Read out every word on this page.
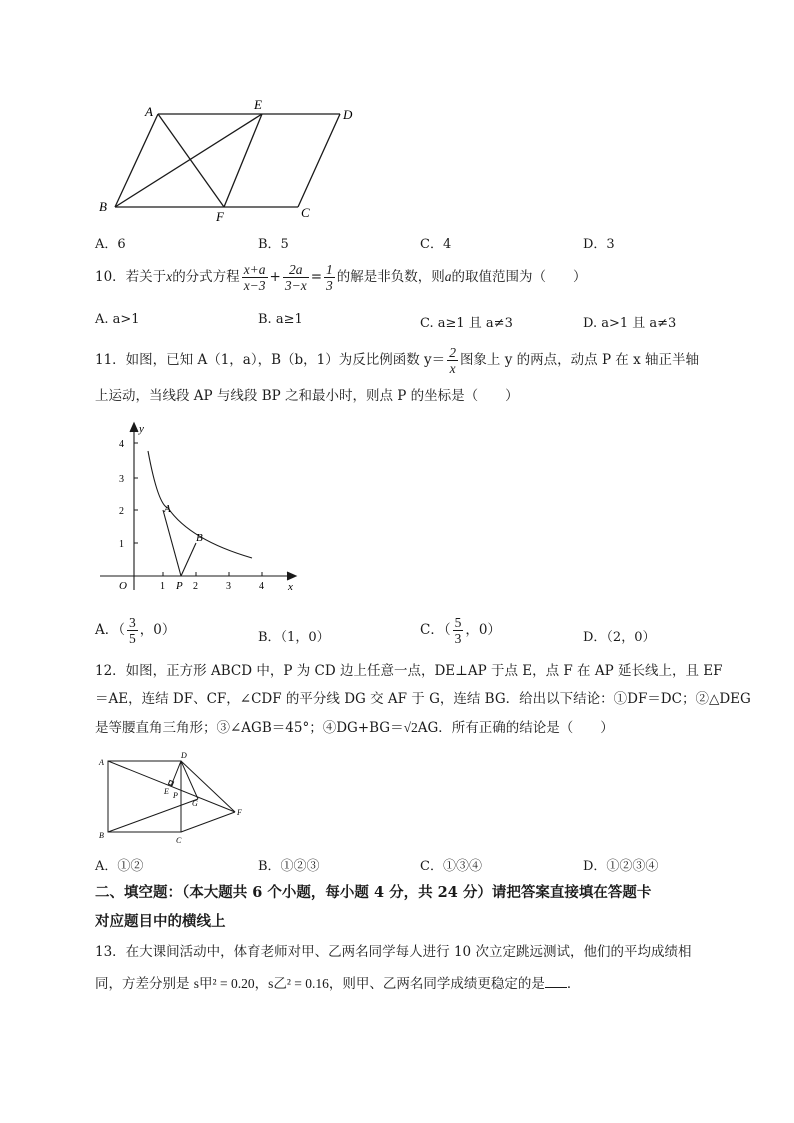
A	E
D
B
F	C
A．6	B．5	C．4	D．3
10．若关于x的分式方程 $\frac{x+a}{x-3} + \frac{2a}{3-x} = \frac{1}{3}$ 的解是非负数，则a的取值范围为（　　）
A. a>1	B. a≥1	C. a≥1 且 a≠3	D. a>1 且 a≠3
11．如图，已知 A（1，a），B（b，1）为反比例函数 $y= \frac{2}{x}$ 图象上 y 的两点，动点 P 在 x 轴正半轴
上运动，当线段 AP 与线段 BP 之和最小时，则点 P 的坐标是（　　）
y
x
O
4
3
2
1
1	2	3	4
A
B
P
A．（ $\frac{3}{5}$ ，0）	B．（1，0）	C．（ $\frac{5}{3}$ ，0）	D．（2，0）
12．如图，正方形 ABCD 中，P 为 CD 边上任意一点，DE⊥AP 于点 E，点 F 在 AP 延长线上，且 EF
＝AE，连结 DF、CF，∠CDF 的平分线 DG 交 AF 于 G，连结 BG．给出以下结论：①DF＝DC；②△DEG
是等腰直角三角形；③∠AGB＝45°；④DG+BG＝√2AG．所有正确的结论是（　　）
A
B
C
D
E P
G
F
A．①②	B．①②③	C．①③④	D．①②③④
二、填空题：（本大题共 6 个小题，每小题 4 分，共 24 分）请把答案直接填在答题卡
对应题目中的横线上
13．在大课间活动中，体育老师对甲、乙两名同学每人进行 10 次立定跳远测试，他们的平均成绩相
同，方差分别是 s甲² = 0.20，s乙² = 0.16，则甲、乙两名同学成绩更稳定的是 ．
